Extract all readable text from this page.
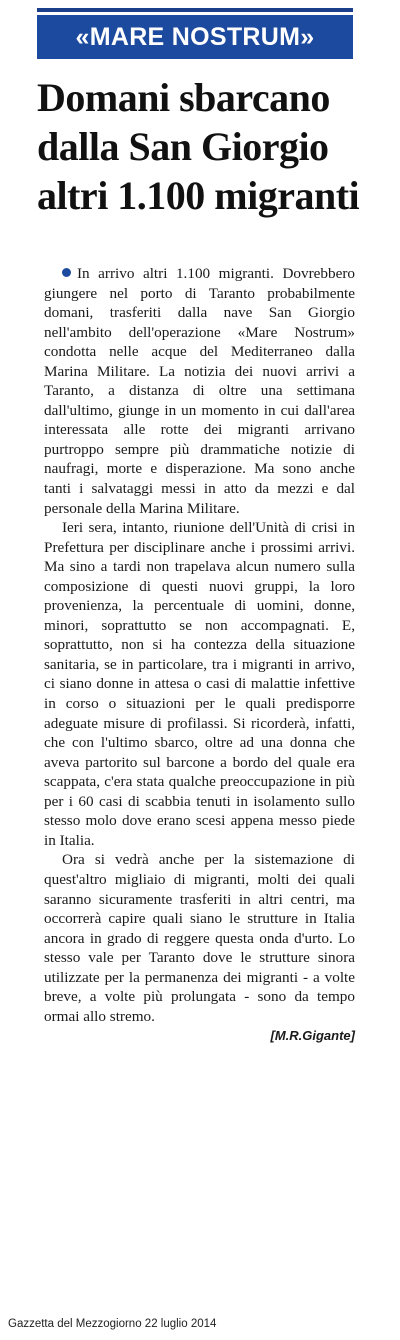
«MARE NOSTRUM»
Domani sbarcano
dalla San Giorgio
altri 1.100 migranti

In arrivo altri 1.100 migranti. Dovrebbero giungere nel porto di Taranto probabilmente domani, trasferiti dalla nave San Giorgio nell'ambito dell'operazione «Mare Nostrum» condotta nelle acque del Mediterraneo dalla Marina Militare. La notizia dei nuovi arrivi a Taranto, a distanza di oltre una settimana dall'ultimo, giunge in un momento in cui dall'area interessata alle rotte dei migranti arrivano purtroppo sempre più drammatiche notizie di naufragi, morte e disperazione. Ma sono anche tanti i salvataggi messi in atto da mezzi e dal personale della Marina Militare.

Ieri sera, intanto, riunione dell'Unità di crisi in Prefettura per disciplinare anche i prossimi arrivi. Ma sino a tardi non trapelava alcun numero sulla composizione di questi nuovi gruppi, la loro provenienza, la percentuale di uomini, donne, minori, soprattutto se non accompagnati. E, soprattutto, non si ha contezza della situazione sanitaria, se in particolare, tra i migranti in arrivo, ci siano donne in attesa o casi di malattie infettive in corso o situazioni per le quali predisporre adeguate misure di profilassi. Si ricorderà, infatti, che con l'ultimo sbarco, oltre ad una donna che aveva partorito sul barcone a bordo del quale era scappata, c'era stata qualche preoccupazione in più per i 60 casi di scabbia tenuti in isolamento sullo stesso molo dove erano scesi appena messo piede in Italia.

Ora si vedrà anche per la sistemazione di quest'altro migliaio di migranti, molti dei quali saranno sicuramente trasferiti in altri centri, ma occorrerà capire quali siano le strutture in Italia ancora in grado di reggere questa onda d'urto. Lo stesso vale per Taranto dove le strutture sinora utilizzate per la permanenza dei migranti - a volte breve, a volte più prolungata - sono da tempo ormai allo stremo.

[M.R.Gigante]
Gazzetta del Mezzogiorno 22 luglio 2014
